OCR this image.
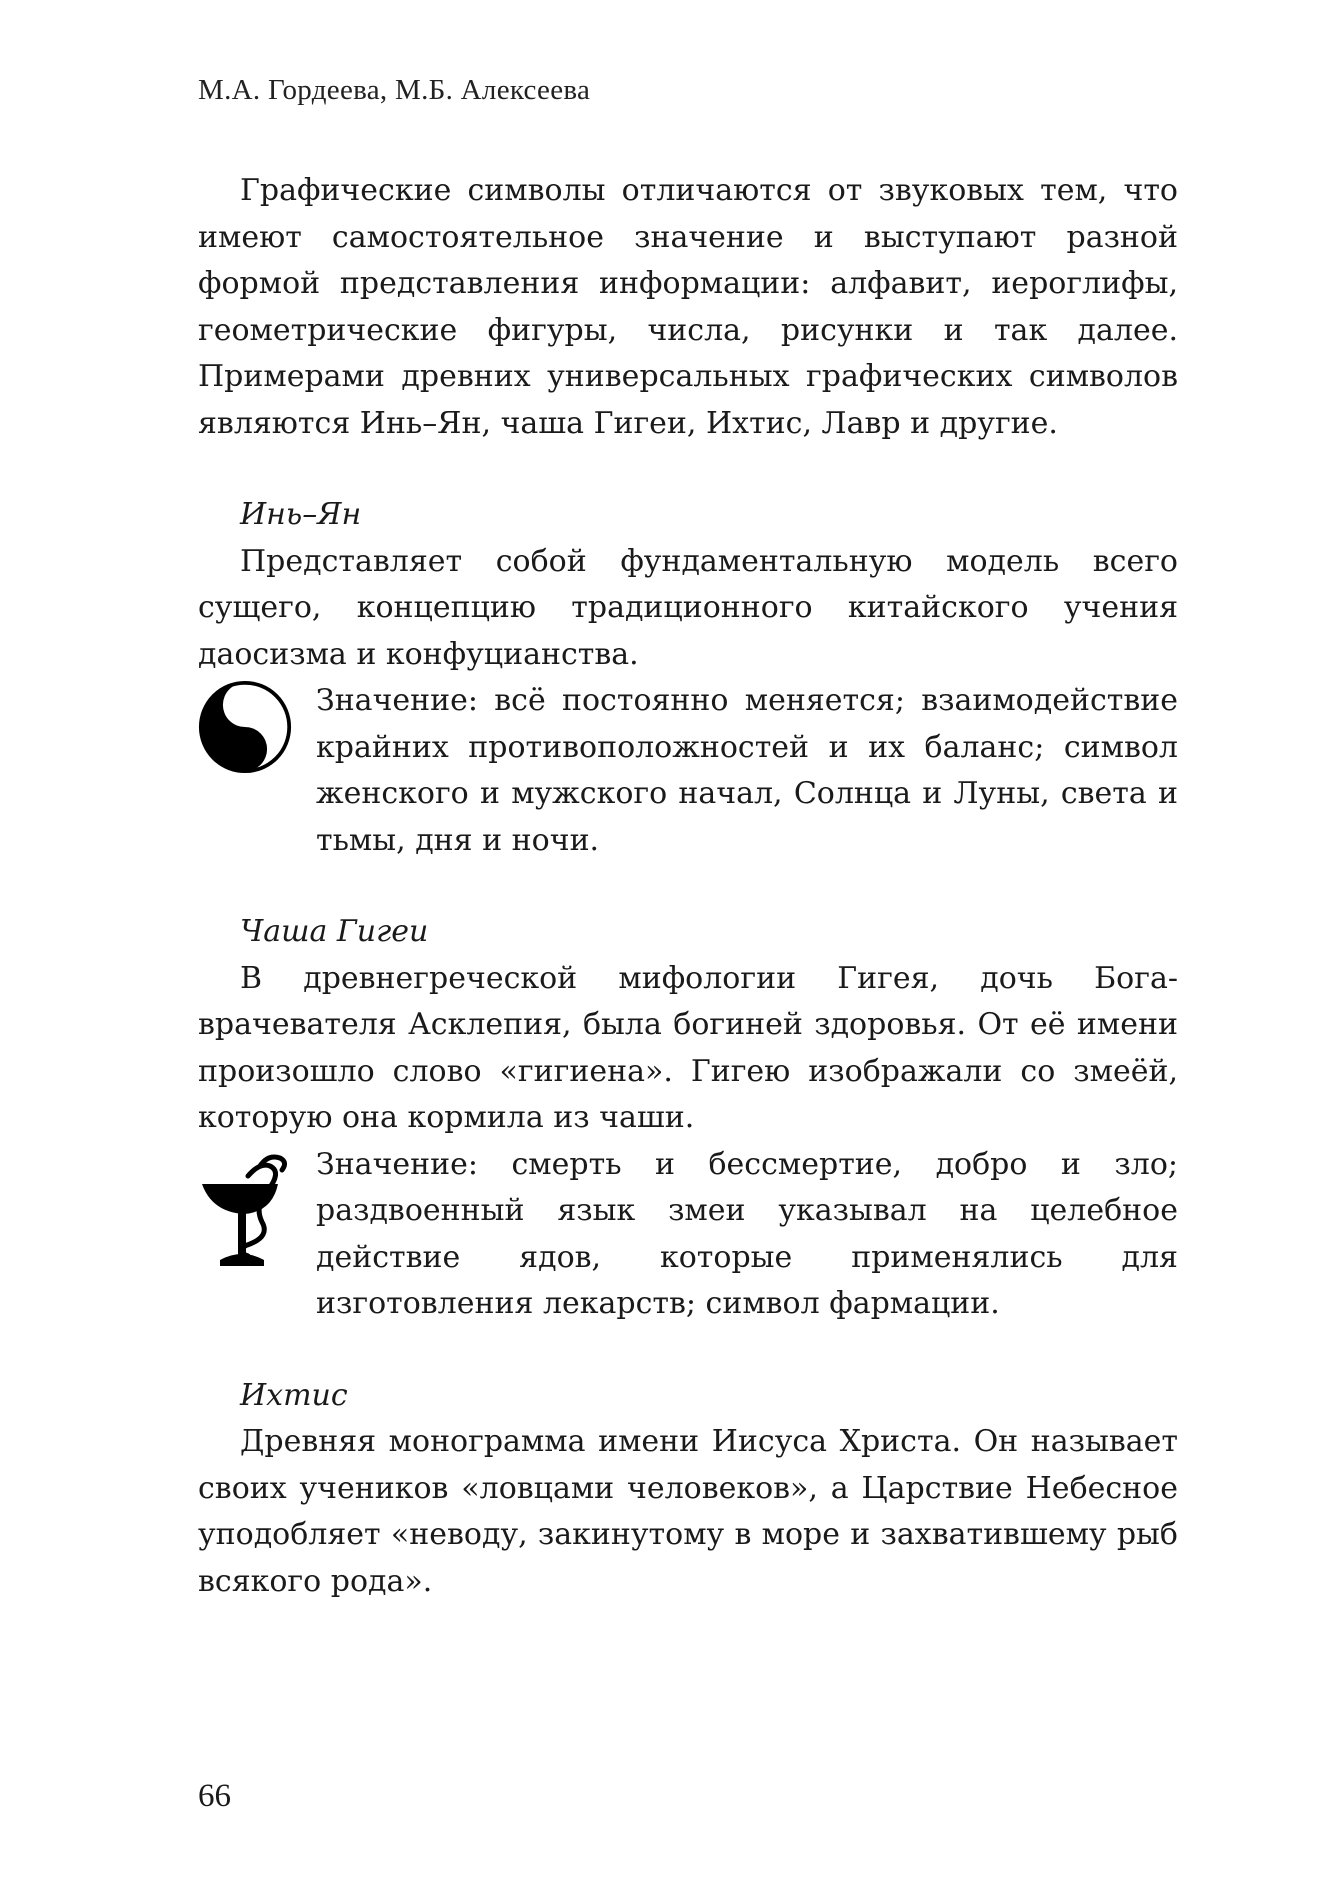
М.А. Гордеева, М.Б. Алексеева

Графические символы отличаются от звуковых тем, что имеют самостоятельное значение и выступают разной формой представления информации: алфавит, иероглифы, геометрические фигуры, числа, рисунки и так далее. Примерами древних универсальных графических символов являются Инь–Ян, чаша Гигеи, Ихтис, Лавр и другие.

Инь–Ян

Представляет собой фундаментальную модель всего сущего, концепцию традиционного китайского учения даосизма и конфуцианства.

Значение: всё постоянно меняется; взаимодействие крайних противоположностей и их баланс; символ женского и мужского начал, Солнца и Луны, света и тьмы, дня и ночи.

Чаша Гигеи

В древнегреческой мифологии Гигея, дочь Бога-врачевателя Асклепия, была богиней здоровья. От её имени произошло слово «гигиена». Гигею изображали со змеёй, которую она кормила из чаши.

Значение: смерть и бессмертие, добро и зло; раздвоенный язык змеи указывал на целебное действие ядов, которые применялись для изготовления лекарств; символ фармации.

Ихтис

Древняя монограмма имени Иисуса Христа. Он называет своих учеников «ловцами человеков», а Царствие Небесное уподобляет «неводу, закинутому в море и захватившему рыб всякого рода».

66
